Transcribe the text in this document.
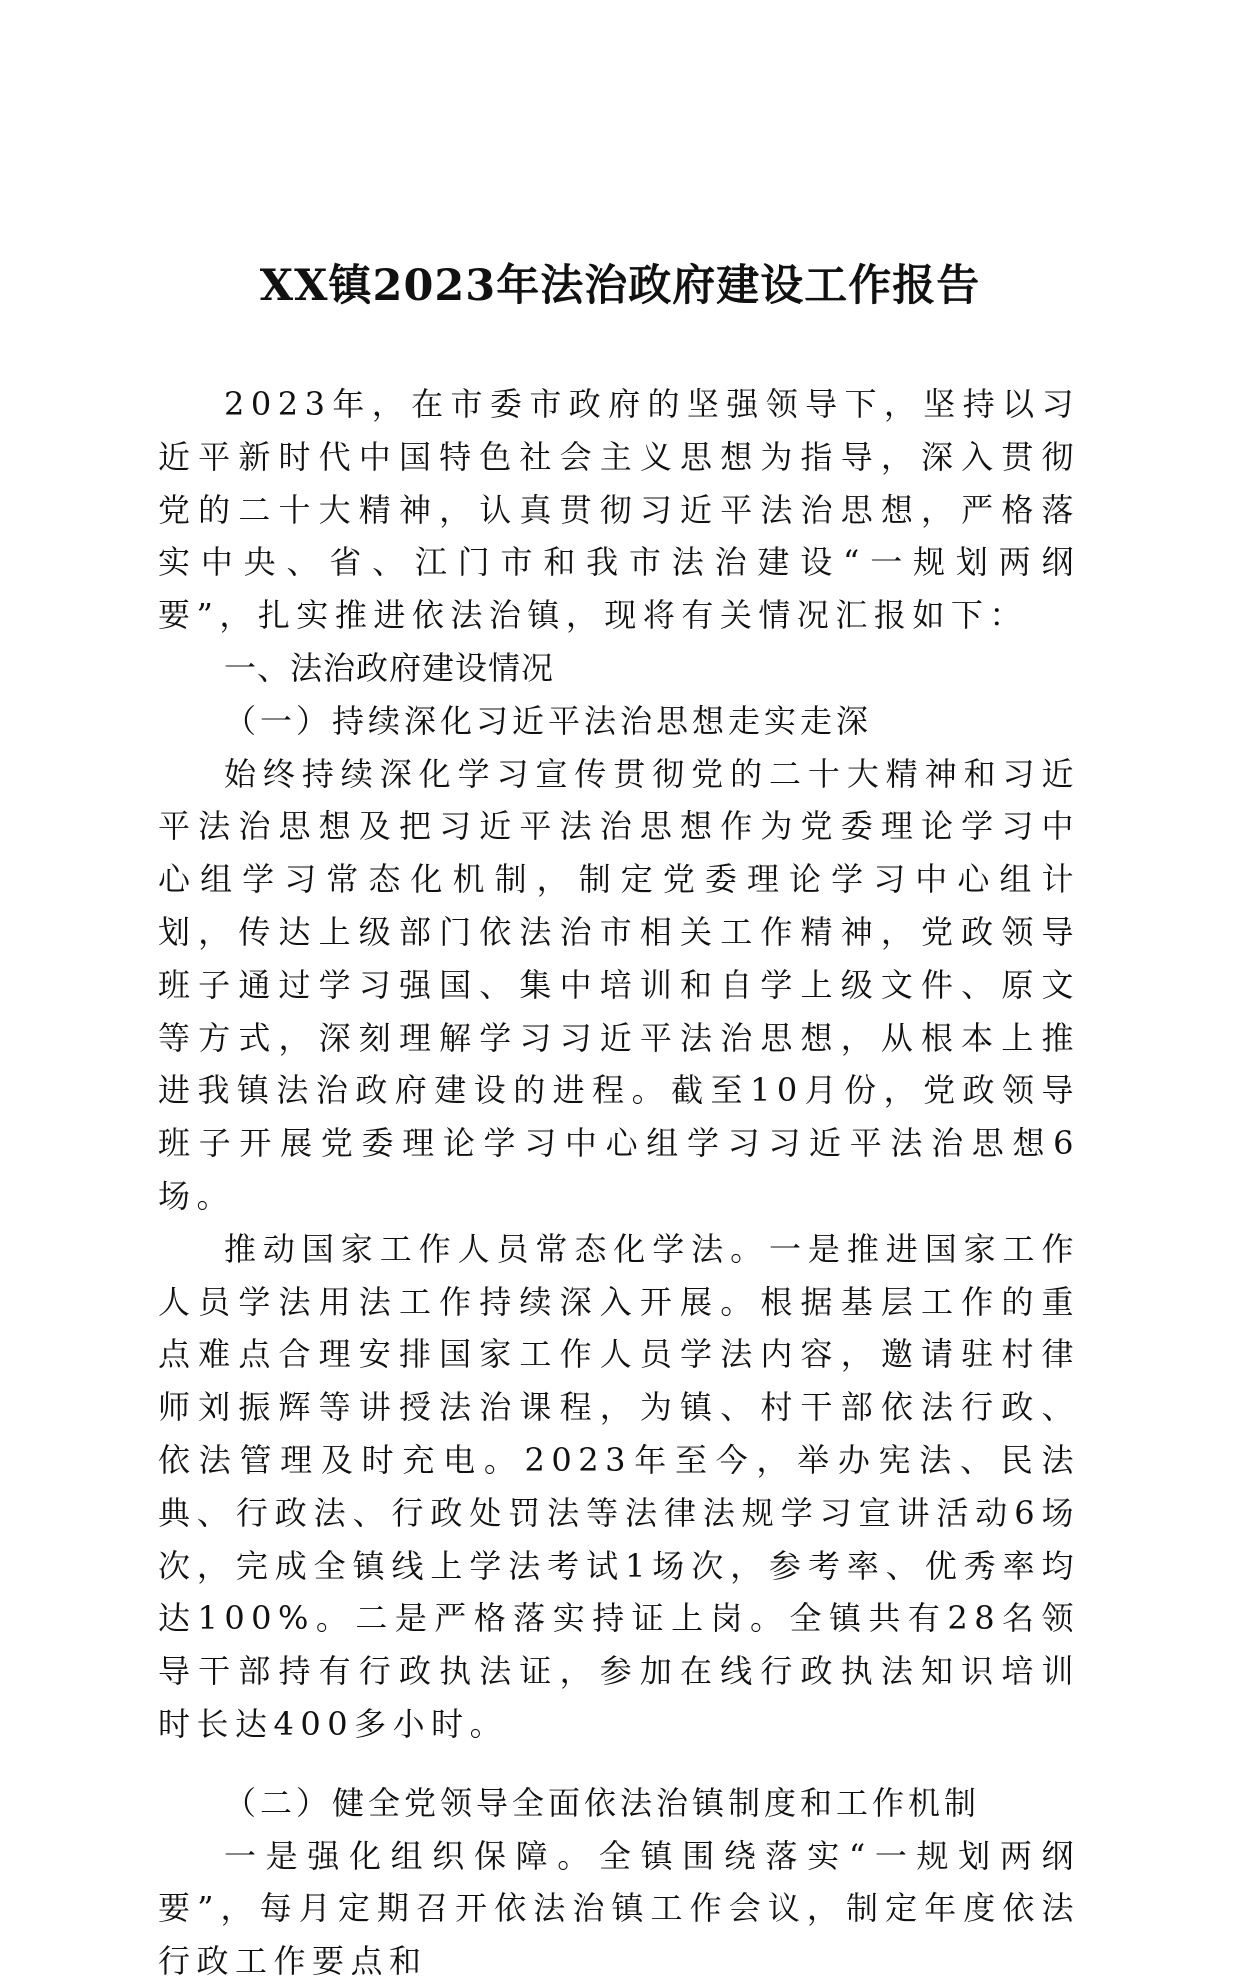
XX镇2023年法治政府建设工作报告

2023年，在市委市政府的坚强领导下，坚持以习近平新时代中国特色社会主义思想为指导，深入贯彻党的二十大精神，认真贯彻习近平法治思想，严格落实中央、省、江门市和我市法治建设“一规划两纲要”，扎实推进依法治镇，现将有关情况汇报如下：

一、法治政府建设情况

（一）持续深化习近平法治思想走实走深

始终持续深化学习宣传贯彻党的二十大精神和习近平法治思想及把习近平法治思想作为党委理论学习中心组学习常态化机制，制定党委理论学习中心组计划，传达上级部门依法治市相关工作精神，党政领导班子通过学习强国、集中培训和自学上级文件、原文等方式，深刻理解学习习近平法治思想，从根本上推进我镇法治政府建设的进程。截至10月份，党政领导班子开展党委理论学习中心组学习习近平法治思想6场。

推动国家工作人员常态化学法。一是推进国家工作人员学法用法工作持续深入开展。根据基层工作的重点难点合理安排国家工作人员学法内容，邀请驻村律师刘振辉等讲授法治课程，为镇、村干部依法行政、依法管理及时充电。2023年至今，举办宪法、民法典、行政法、行政处罚法等法律法规学习宣讲活动6场次，完成全镇线上学法考试1场次，参考率、优秀率均达100%。二是严格落实持证上岗。全镇共有28名领导干部持有行政执法证，参加在线行政执法知识培训时长达400多小时。

（二）健全党领导全面依法治镇制度和工作机制

一是强化组织保障。全镇围绕落实“一规划两纲要”，每月定期召开依法治镇工作会议，制定年度依法行政工作要点和
